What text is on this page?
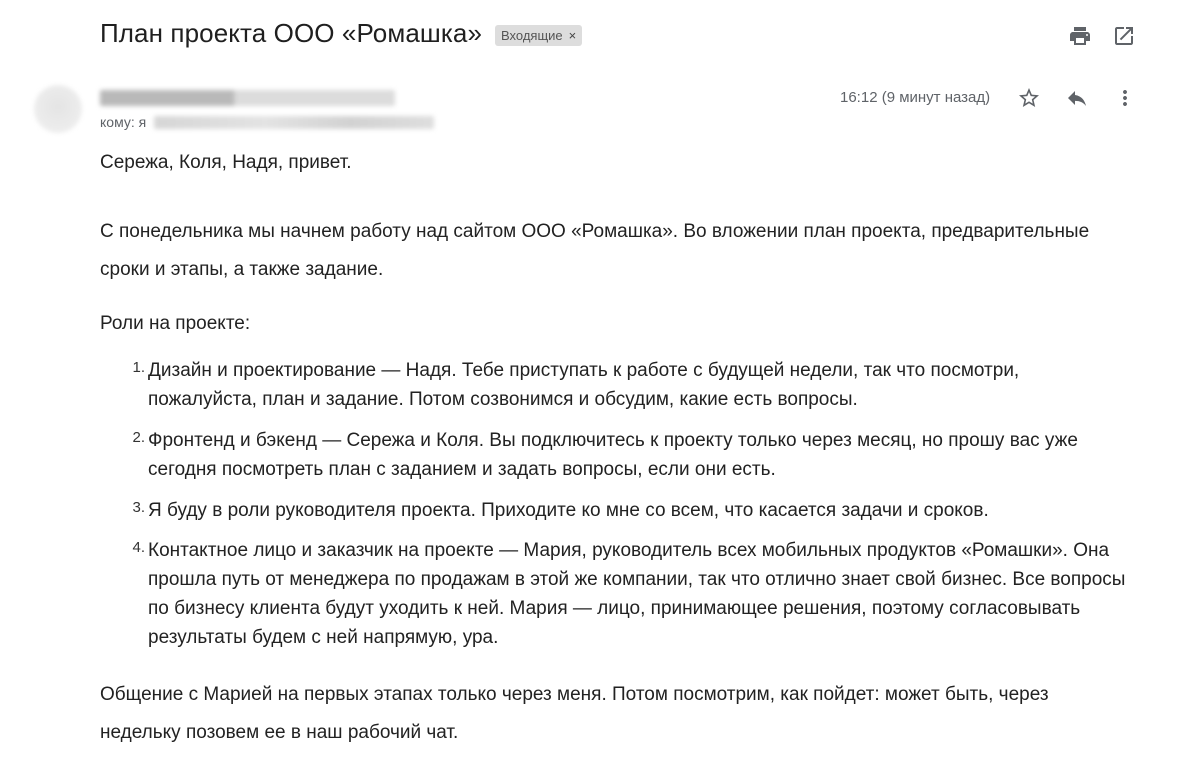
План проекта ООО «Ромашка» Входящие ×
кому: я
16:12 (9 минут назад)
Сережа, Коля, Надя, привет.
С понедельника мы начнем работу над сайтом ООО «Ромашка». Во вложении план проекта, предварительные
сроки и этапы, а также задание.
Роли на проекте:
1. Дизайн и проектирование — Надя. Тебе приступать к работе с будущей недели, так что посмотри,
пожалуйста, план и задание. Потом созвонимся и обсудим, какие есть вопросы.
2. Фронтенд и бэкенд — Сережа и Коля. Вы подключитесь к проекту только через месяц, но прошу вас уже
сегодня посмотреть план с заданием и задать вопросы, если они есть.
3. Я буду в роли руководителя проекта. Приходите ко мне со всем, что касается задачи и сроков.
4. Контактное лицо и заказчик на проекте — Мария, руководитель всех мобильных продуктов «Ромашки». Она
прошла путь от менеджера по продажам в этой же компании, так что отлично знает свой бизнес. Все вопросы
по бизнесу клиента будут уходить к ней. Мария — лицо, принимающее решения, поэтому согласовывать
результаты будем с ней напрямую, ура.
Общение с Марией на первых этапах только через меня. Потом посмотрим, как пойдет: может быть, через
недельку позовем ее в наш рабочий чат.
